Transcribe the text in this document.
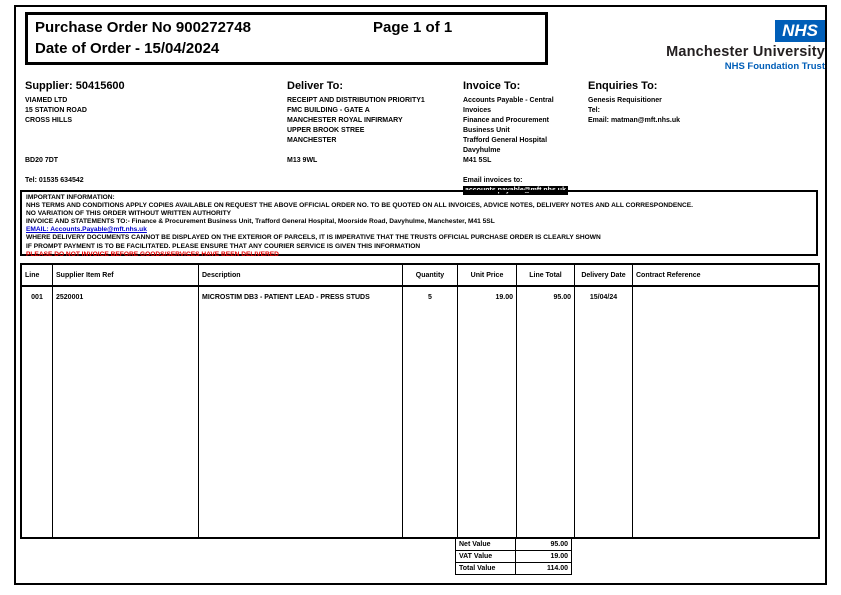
Purchase Order No 900272748	Page 1 of 1
Date of Order - 15/04/2024
NHS
Manchester University
NHS Foundation Trust
Supplier: 50415600
VIAMED LTD
15 STATION ROAD
CROSS HILLS
BD20 7DT
Tel: 01535 634542
Deliver To:
RECEIPT AND DISTRIBUTION PRIORITY1
FMC BUILDING - GATE A
MANCHESTER ROYAL INFIRMARY
UPPER BROOK STREE
MANCHESTER
M13 9WL
Invoice To:
Accounts Payable - Central
Invoices
Finance and Procurement
Business Unit
Trafford General Hospital
Davyhulme
M41 5SL
Email invoices to:
accounts.payable@mft.nhs.uk
Enquiries To:
Genesis Requisitioner
Tel:
Email: matman@mft.nhs.uk
IMPORTANT INFORMATION:
NHS TERMS AND CONDITIONS APPLY COPIES AVAILABLE ON REQUEST THE ABOVE OFFICIAL ORDER NO. TO BE QUOTED ON ALL INVOICES, ADVICE NOTES, DELIVERY NOTES AND ALL CORRESPONDENCE.
NO VARIATION OF THIS ORDER WITHOUT WRITTEN AUTHORITY
INVOICE AND STATEMENTS TO:- Finance & Procurement Business Unit, Trafford General Hospital, Moorside Road, Davyhulme, Manchester, M41 5SL
EMAIL: Accounts.Payable@mft.nhs.uk
WHERE DELIVERY DOCUMENTS CANNOT BE DISPLAYED ON THE EXTERIOR OF PARCELS, IT IS IMPERATIVE THAT THE TRUSTS OFFICIAL PURCHASE ORDER IS CLEARLY SHOWN
IF PROMPT PAYMENT IS TO BE FACILITATED. PLEASE ENSURE THAT ANY COURIER SERVICE IS GIVEN THIS INFORMATION
PLEASE DO NOT INVOICE BEFORE GOODS/SERVICES HAVE BEEN DELIVERED
Line	Supplier Item Ref	Description	Quantity	Unit Price	Line Total	Delivery Date	Contract Reference
001	2520001	MICROSTIM DB3 - PATIENT LEAD - PRESS STUDS	5	19.00	95.00	15/04/24
Net Value	95.00
VAT Value	19.00
Total Value	114.00
